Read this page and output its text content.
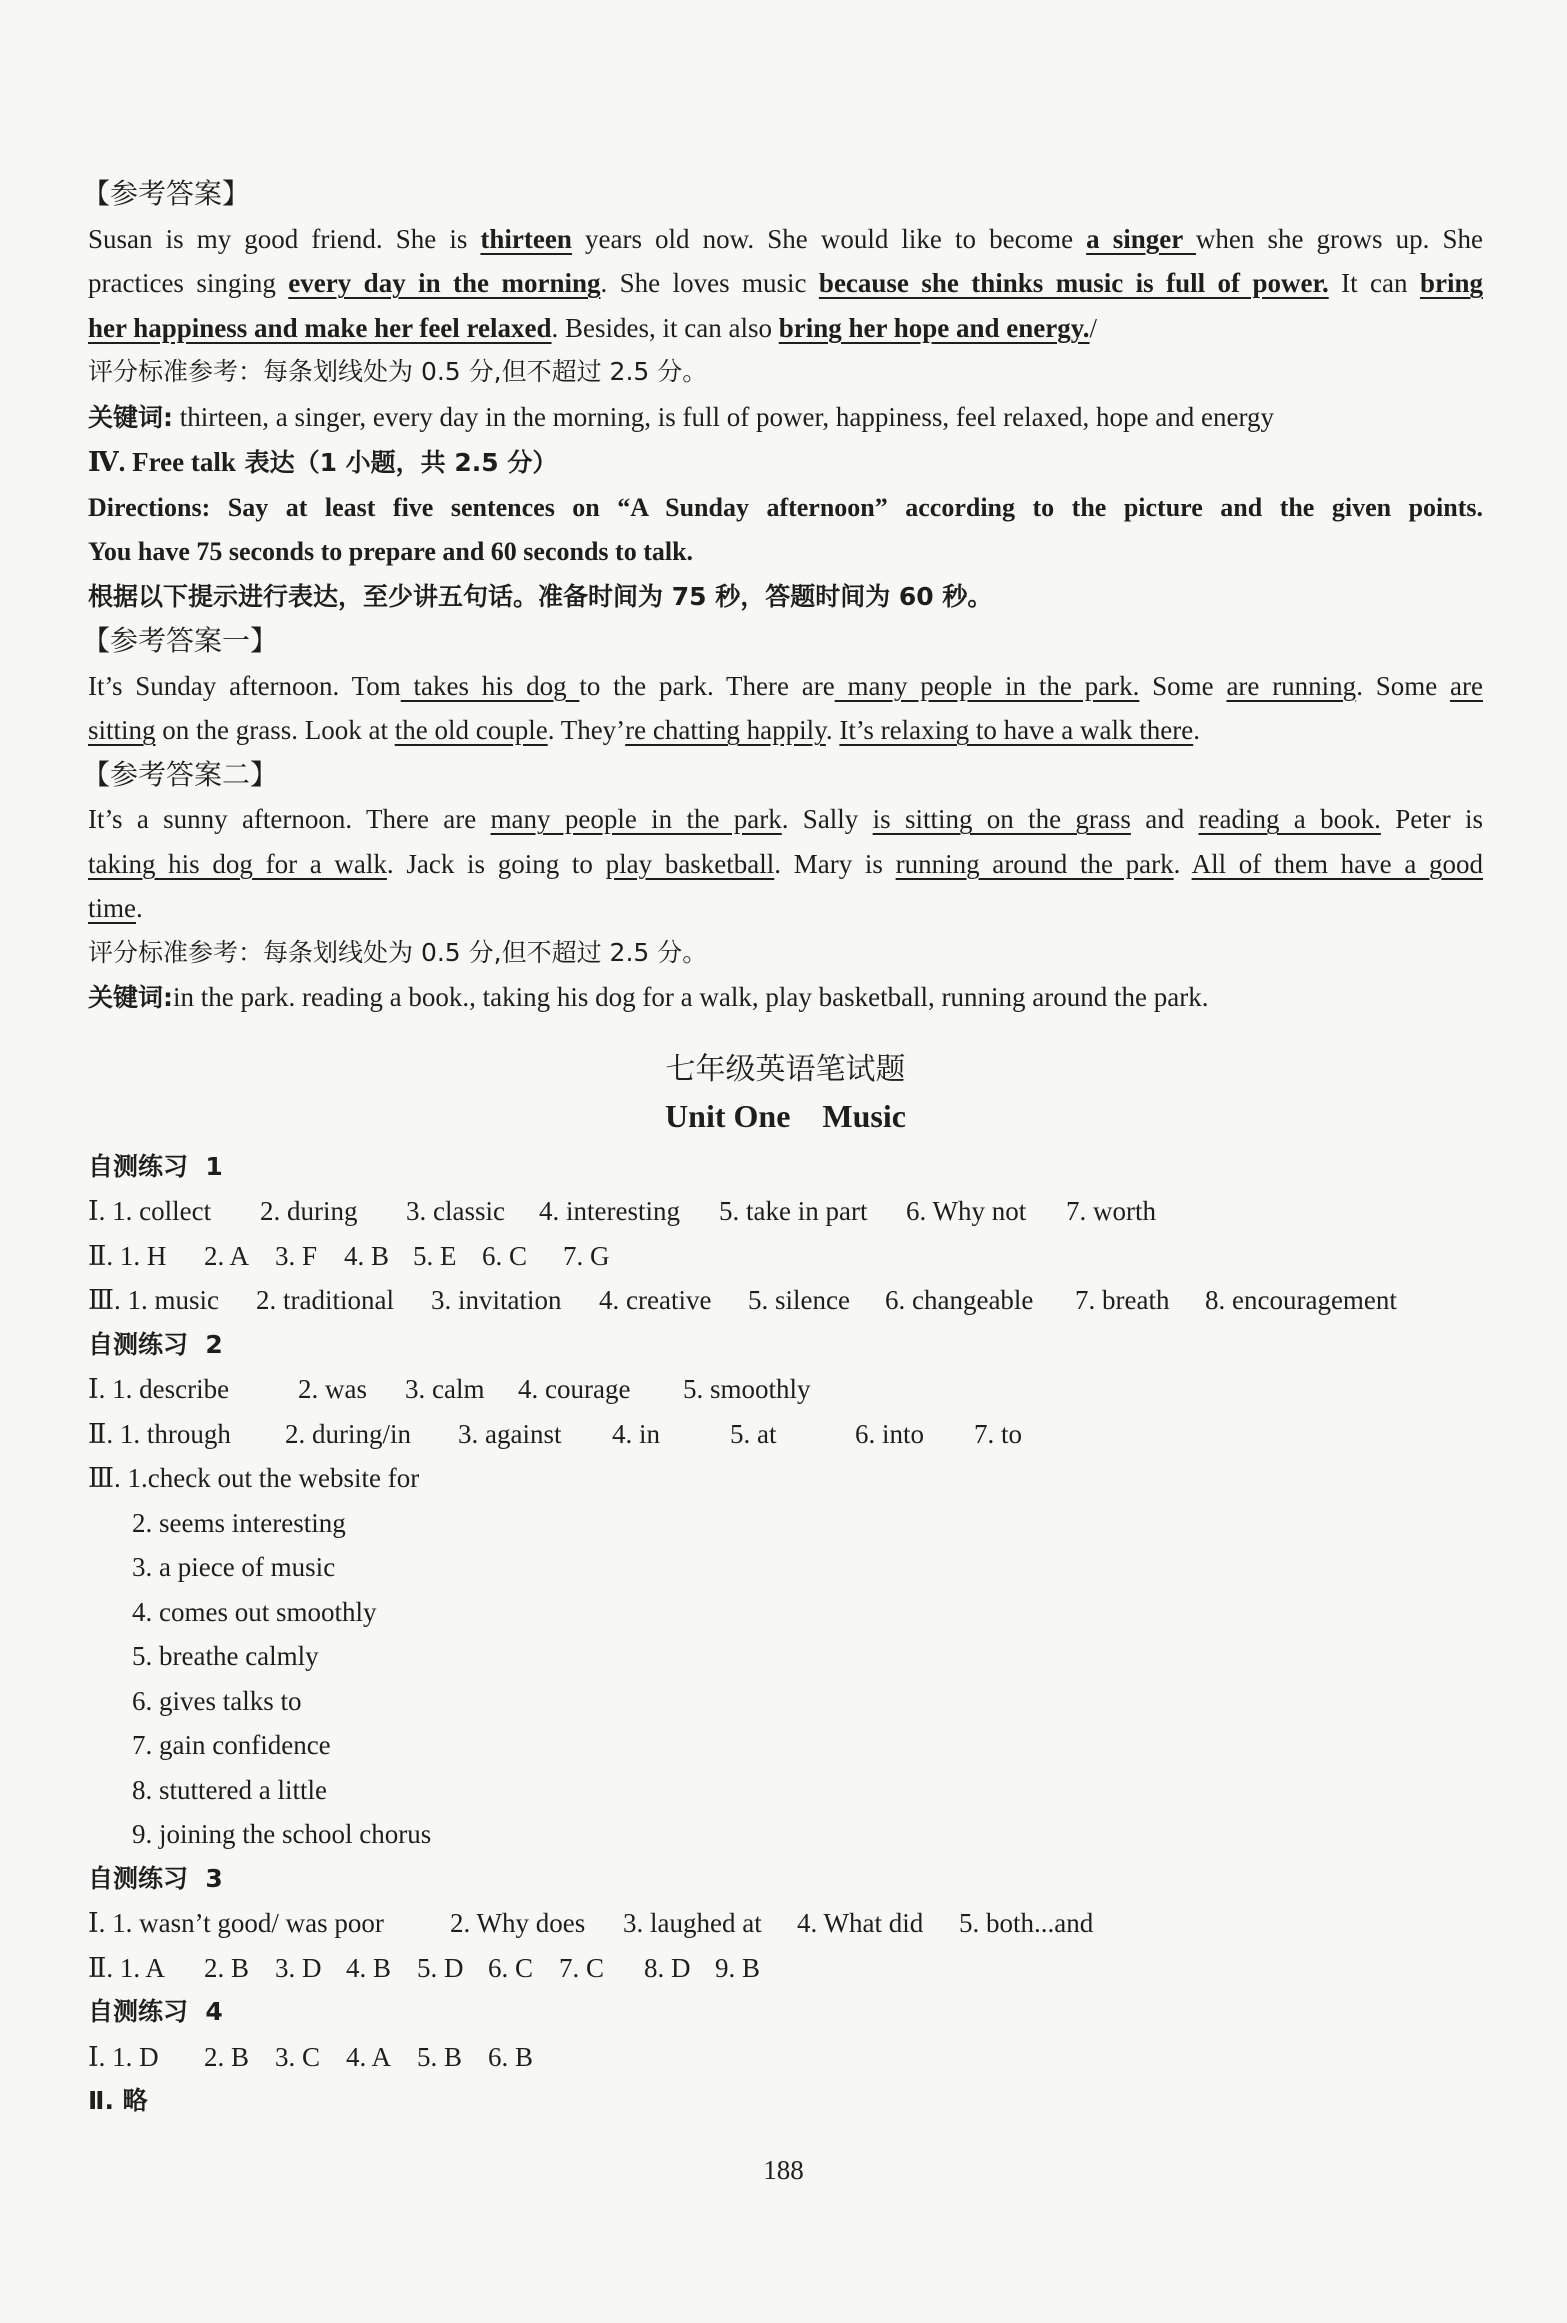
【参考答案】
Susan is my good friend. She is thirteen years old now. She would like to become a singer when she grows up. She
practices singing every day in the morning. She loves music because she thinks music is full of power. It can bring
her happiness and make her feel relaxed. Besides, it can also bring her hope and energy./
评分标准参考：每条划线处为 0.5 分,但不超过 2.5 分。
关键词: thirteen, a singer, every day in the morning, is full of power, happiness, feel relaxed, hope and energy
Ⅳ. Free talk 表达（1 小题，共 2.5 分）
Directions: Say at least five sentences on “A Sunday afternoon” according to the picture and the given points.
You have 75 seconds to prepare and 60 seconds to talk.
根据以下提示进行表达，至少讲五句话。准备时间为 75 秒，答题时间为 60 秒。
【参考答案一】
It’s Sunday afternoon. Tom takes his dog to the park. There are many people in the park. Some are running. Some are
sitting on the grass. Look at the old couple. They’re chatting happily. It’s relaxing to have a walk there.
【参考答案二】
It’s a sunny afternoon. There are many people in the park. Sally is sitting on the grass and reading a book. Peter is
taking his dog for a walk. Jack is going to play basketball. Mary is running around the park. All of them have a good
time.
评分标准参考：每条划线处为 0.5 分,但不超过 2.5 分。
关键词:in the park. reading a book., taking his dog for a walk, play basketball, running around the park.
七年级英语笔试题
Unit One    Music
自测练习  1
Ⅰ. 1. collect 2. during 3. classic 4. interesting 5. take in part 6. Why not 7. worth
Ⅱ. 1. H 2. A 3. F 4. B 5. E 6. C 7. G
Ⅲ. 1. music 2. traditional 3. invitation 4. creative 5. silence 6. changeable 7. breath 8. encouragement
自测练习  2
Ⅰ. 1. describe	2. was 3. calm 4. courage 5. smoothly
Ⅱ. 1. through 2. during/in 3. against 4. in	5. at	6. into 7. to
Ⅲ. 1.check out the website for
2. seems interesting
3. a piece of music
4. comes out smoothly
5. breathe calmly
6. gives talks to
7. gain confidence
8. stuttered a little
9. joining the school chorus
自测练习  3
Ⅰ. 1. wasn’t good/ was poor 2. Why does 3. laughed at 4. What did 5. both...and
Ⅱ. 1. A 2. B 3. D 4. B 5. D 6. C 7. C 8. D 9. B
自测练习  4
Ⅰ. 1. D 2. B 3. C 4. A 5. B 6. B
Ⅱ. 略
188
